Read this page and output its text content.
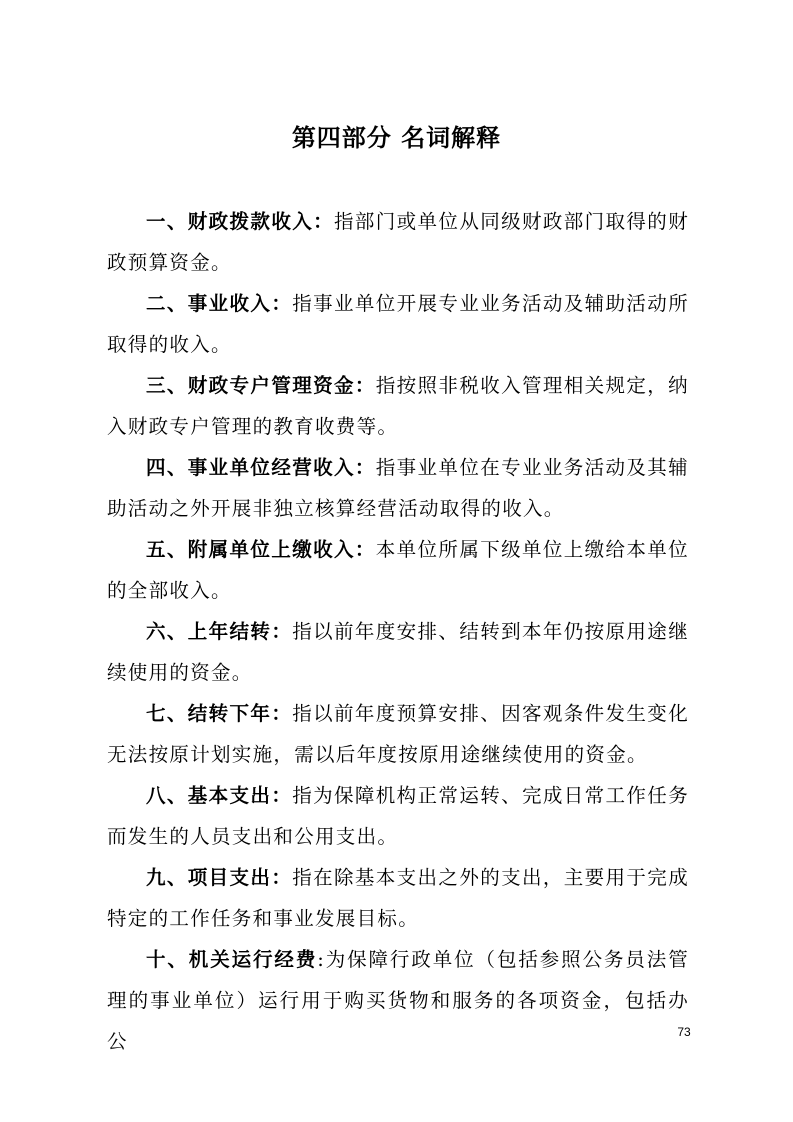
第四部分 名词解释

一、财政拨款收入：指部门或单位从同级财政部门取得的财政预算资金。

二、事业收入：指事业单位开展专业业务活动及辅助活动所取得的收入。

三、财政专户管理资金：指按照非税收入管理相关规定，纳入财政专户管理的教育收费等。

四、事业单位经营收入：指事业单位在专业业务活动及其辅助活动之外开展非独立核算经营活动取得的收入。

五、附属单位上缴收入：本单位所属下级单位上缴给本单位的全部收入。

六、上年结转：指以前年度安排、结转到本年仍按原用途继续使用的资金。

七、结转下年：指以前年度预算安排、因客观条件发生变化无法按原计划实施，需以后年度按原用途继续使用的资金。

八、基本支出：指为保障机构正常运转、完成日常工作任务而发生的人员支出和公用支出。

九、项目支出：指在除基本支出之外的支出，主要用于完成特定的工作任务和事业发展目标。

十、机关运行经费:为保障行政单位（包括参照公务员法管理的事业单位）运行用于购买货物和服务的各项资金，包括办公	73
